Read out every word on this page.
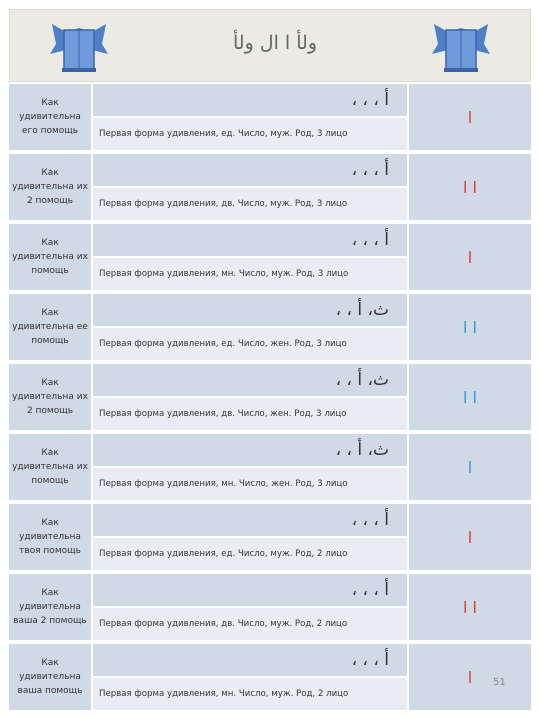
ولأ ا ال ولأ
Как
удивительна
его помощь
، ، ، أ
Первая форма удивления, ед. Число, муж. Род, 3 лицо
ا
Как
удивительна их
2 помощь
، ، ، أ
Первая форма удивления, дв. Число, муж. Род, 3 лицо
ا ا
Как
удивительна их
помощь
، ، ، أ
Первая форма удивления, мн. Число, муж. Род, 3 лицо
ا
Как
удивительна ее
помощь
، ، ث، أ
Первая форма удивления, ед. Число, жен. Род, 3 лицо
ا ا
Как
удивительна их
2 помощь
، ، ث، أ
Первая форма удивления, дв. Число, жен. Род, 3 лицо
ا ا
Как
удивительна их
помощь
، ، ث، أ
Первая форма удивления, мн. Число, жен. Род, 3 лицо
ا
Как
удивительна
твоя помощь
، ، ، أ
Первая форма удивления, ед. Число, муж. Род, 2 лицо
ا
Как
удивительна
ваша 2 помощь
، ، ، أ
Первая форма удивления, дв. Число, муж. Род, 2 лицо
ا ا
Как
удивительна
ваша помощь
، ، ، أ
Первая форма удивления, мн. Число, муж. Род, 2 лицо
ا	51
